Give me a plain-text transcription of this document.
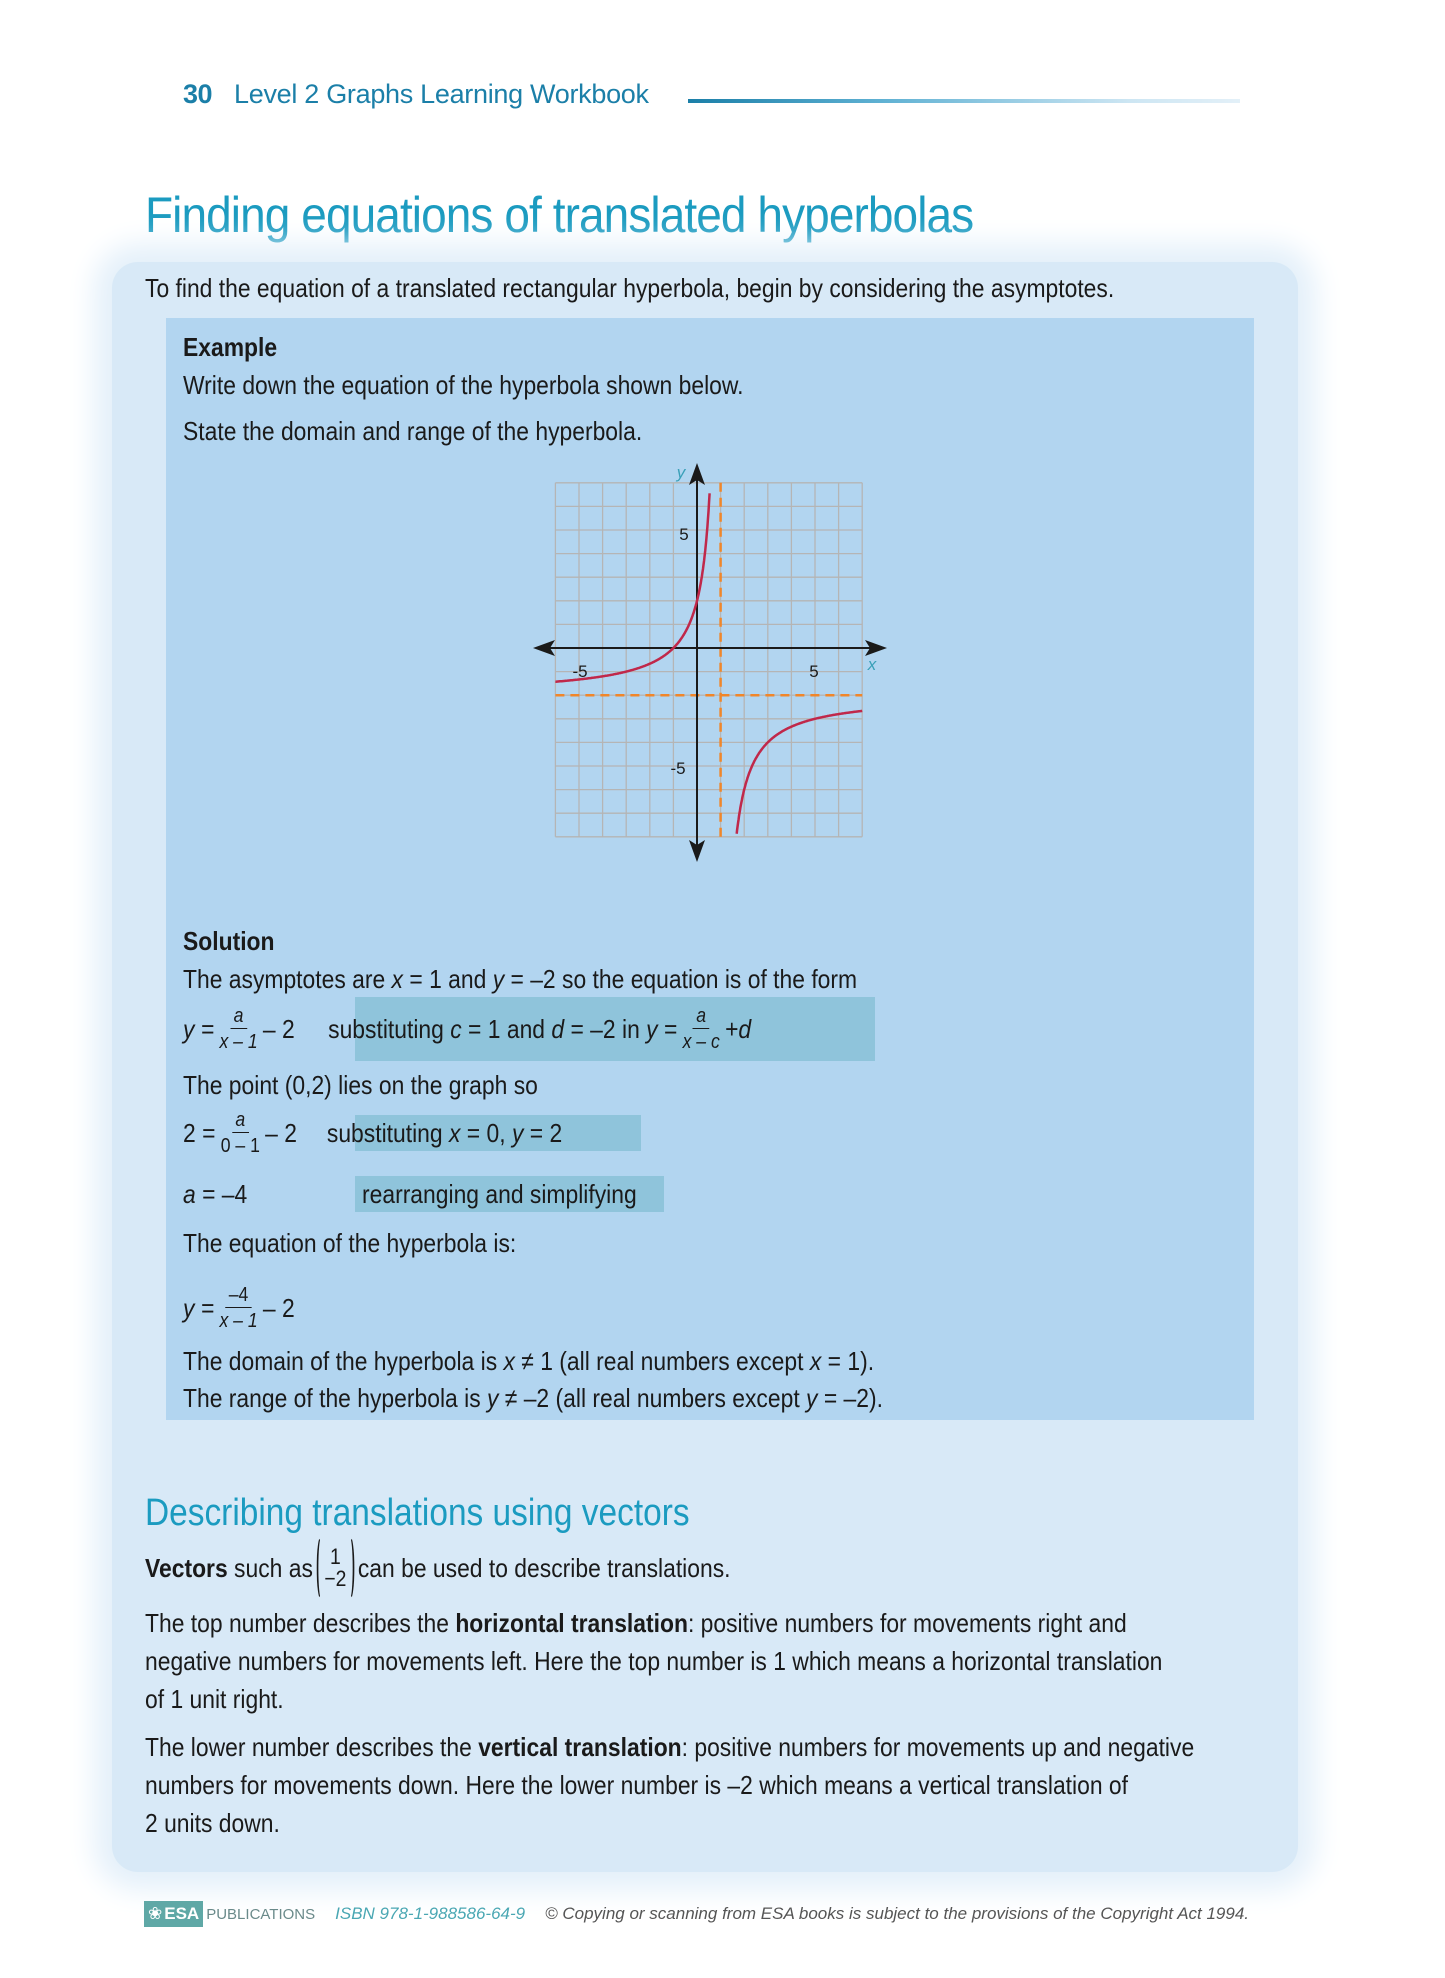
30 Level 2 Graphs Learning Workbook
Finding equations of translated hyperbolas
To find the equation of a translated rectangular hyperbola, begin by considering the asymptotes.
Example
Write down the equation of the hyperbola shown below.
State the domain and range of the hyperbola.
y
x
-5	5
5
-5
Solution
The asymptotes are x = 1 and y = –2 so the equation is of the form
$y = \frac{a}{x - 1} - 2$ substituting c = 1 and d = –2 in $y = \frac{a}{x - c} + d$
The point (0,2) lies on the graph so
$2 = \frac{a}{0 - 1} - 2$ substituting x = 0, y = 2
a = –4	rearranging and simplifying
The equation of the hyperbola is:
$y = \frac{-4}{x - 1} - 2$
The domain of the hyperbola is x ≠ 1 (all real numbers except x = 1).
The range of the hyperbola is y ≠ –2 (all real numbers except y = –2).
Describing translations using vectors
Vectors such as 1
−2 can be used to describe translations.
The top number describes the horizontal translation: positive numbers for movements right and
negative numbers for movements left. Here the top number is 1 which means a horizontal translation
of 1 unit right.
The lower number describes the vertical translation: positive numbers for movements up and negative
numbers for movements down. Here the lower number is –2 which means a vertical translation of
2 units down.
❀ ESA PUBLICATIONS ISBN 978-1-988586-64-9 © Copying or scanning from ESA books is subject to the provisions of the Copyright Act 1994.
